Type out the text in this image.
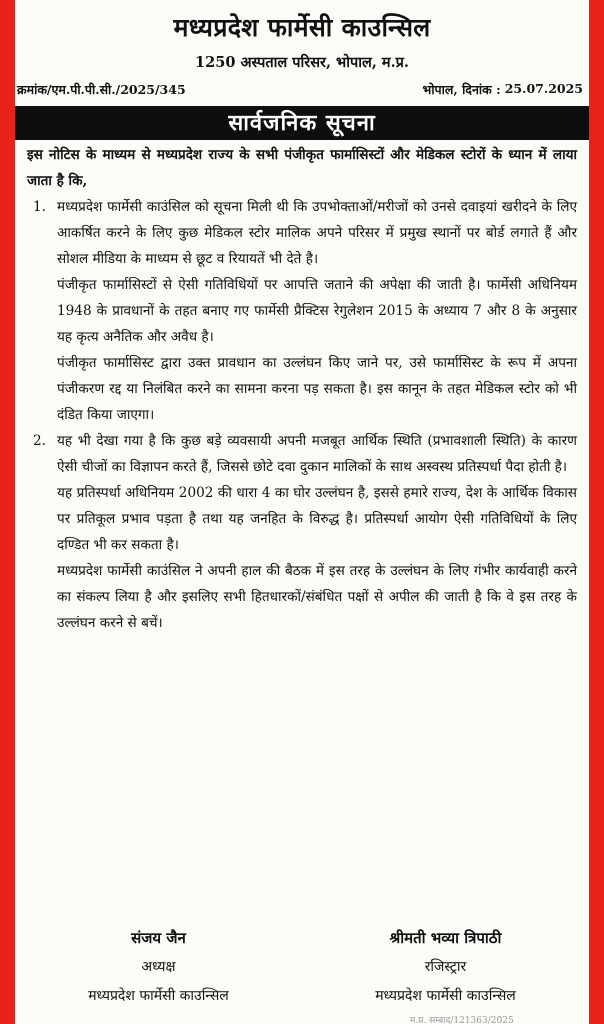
मध्यप्रदेश फार्मेसी काउन्सिल
1250 अस्पताल परिसर, भोपाल, म.प्र.
क्रमांक/एम.पी.पी.सी./2025/345	भोपाल, दिनांक : 25.07.2025
सार्वजनिक सूचना
इस नोटिस के माध्यम से मध्यप्रदेश राज्य के सभी पंजीकृत फार्मासिस्टों और मेडिकल स्टोरों के ध्यान में लाया जाता है कि,
1. मध्यप्रदेश फार्मेसी काउंसिल को सूचना मिली थी कि उपभोक्ताओं/मरीजों को उनसे दवाइयां खरीदने के लिए आकर्षित करने के लिए कुछ मेडिकल स्टोर मालिक अपने परिसर में प्रमुख स्थानों पर बोर्ड लगाते हैं और सोशल मीडिया के माध्यम से छूट व रियायतें भी देते है।

पंजीकृत फार्मासिस्टों से ऐसी गतिविधियों पर आपत्ति जताने की अपेक्षा की जाती है। फार्मेसी अधिनियम 1948 के प्रावधानों के तहत बनाए गए फार्मेसी प्रैक्टिस रेगुलेशन 2015 के अध्याय 7 और 8 के अनुसार यह कृत्य अनैतिक और अवैध है।

पंजीकृत फार्मासिस्ट द्वारा उक्त प्रावधान का उल्लंघन किए जाने पर, उसे फार्मासिस्ट के रूप में अपना पंजीकरण रद्द या निलंबित करने का सामना करना पड़ सकता है। इस कानून के तहत मेडिकल स्टोर को भी दंडित किया जाएगा।

2. यह भी देखा गया है कि कुछ बड़े व्यवसायी अपनी मजबूत आर्थिक स्थिति (प्रभावशाली स्थिति) के कारण ऐसी चीजों का विज्ञापन करते हैं, जिससे छोटे दवा दुकान मालिकों के साथ अस्वस्थ प्रतिस्पर्धा पैदा होती है।

यह प्रतिस्पर्धा अधिनियम 2002 की धारा 4 का घोर उल्लंघन है, इससे हमारे राज्य, देश के आर्थिक विकास पर प्रतिकूल प्रभाव पड़ता है तथा यह जनहित के विरुद्ध है। प्रतिस्पर्धा आयोग ऐसी गतिविधियों के लिए दण्डित भी कर सकता है।

मध्यप्रदेश फार्मेसी काउंसिल ने अपनी हाल की बैठक में इस तरह के उल्लंघन के लिए गंभीर कार्यवाही करने का संकल्प लिया है और इसलिए सभी हितधारकों/संबंधित पक्षों से अपील की जाती है कि वे इस तरह के उल्लंघन करने से बचें।

संजय जैन
अध्यक्ष
मध्यप्रदेश फार्मेसी काउन्सिल
श्रीमती भव्या त्रिपाठी
रजिस्ट्रार
मध्यप्रदेश फार्मेसी काउन्सिल
म.प्र. सम्बाद/121363/2025
